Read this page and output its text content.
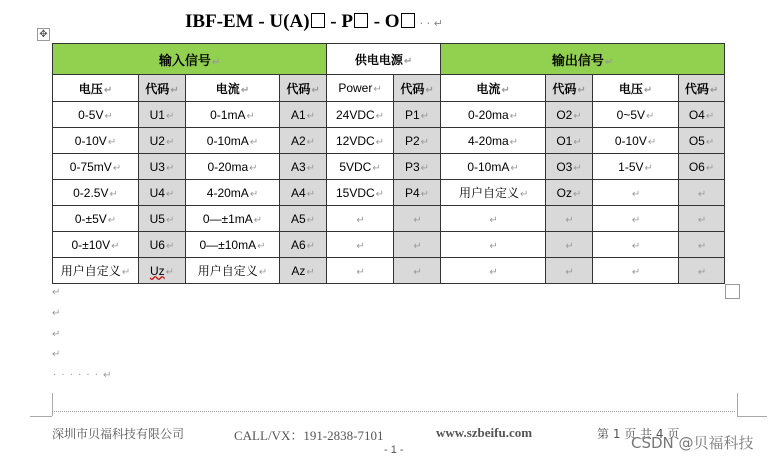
IBF-EM - U(A) - P - O · · ↵
✥
输入信号↵				供电电源↵		输出信号↵			
电压↵	代码↵	电流↵	代码↵	Power↵	代码↵	电流↵	代码↵	电压↵	代码↵
0-5V↵	U1↵	0-1mA↵	A1↵	24VDC↵	P1↵	0-20ma↵	O2↵	0~5V↵	O4↵
0-10V↵	U2↵	0-10mA↵	A2↵	12VDC↵	P2↵	4-20ma↵	O1↵	0-10V↵	O5↵
0-75mV↵	U3↵	0-20ma↵	A3↵	5VDC↵	P3↵	0-10mA↵	O3↵	1-5V↵	O6↵
0-2.5V↵	U4↵	4-20mA↵	A4↵	15VDC↵	P4↵	用户自定义↵	Oz↵	↵	↵
0-±5V↵	U5↵	0—±1mA↵	A5↵	↵	↵	↵	↵	↵	↵
0-±10V↵	U6↵	0—±10mA↵	A6↵	↵	↵	↵	↵	↵	↵
用户自定义↵	Uz↵	用户自定义↵	Az↵	↵	↵	↵	↵	↵	↵
↵
↵
↵
↵
· · · · · · ↵
深圳市贝福科技有限公司	CALL/VX：191-2838-7101	www.szbeifu.com	第 1 页 共 4 页
- 1 -	CSDN @贝福科技
